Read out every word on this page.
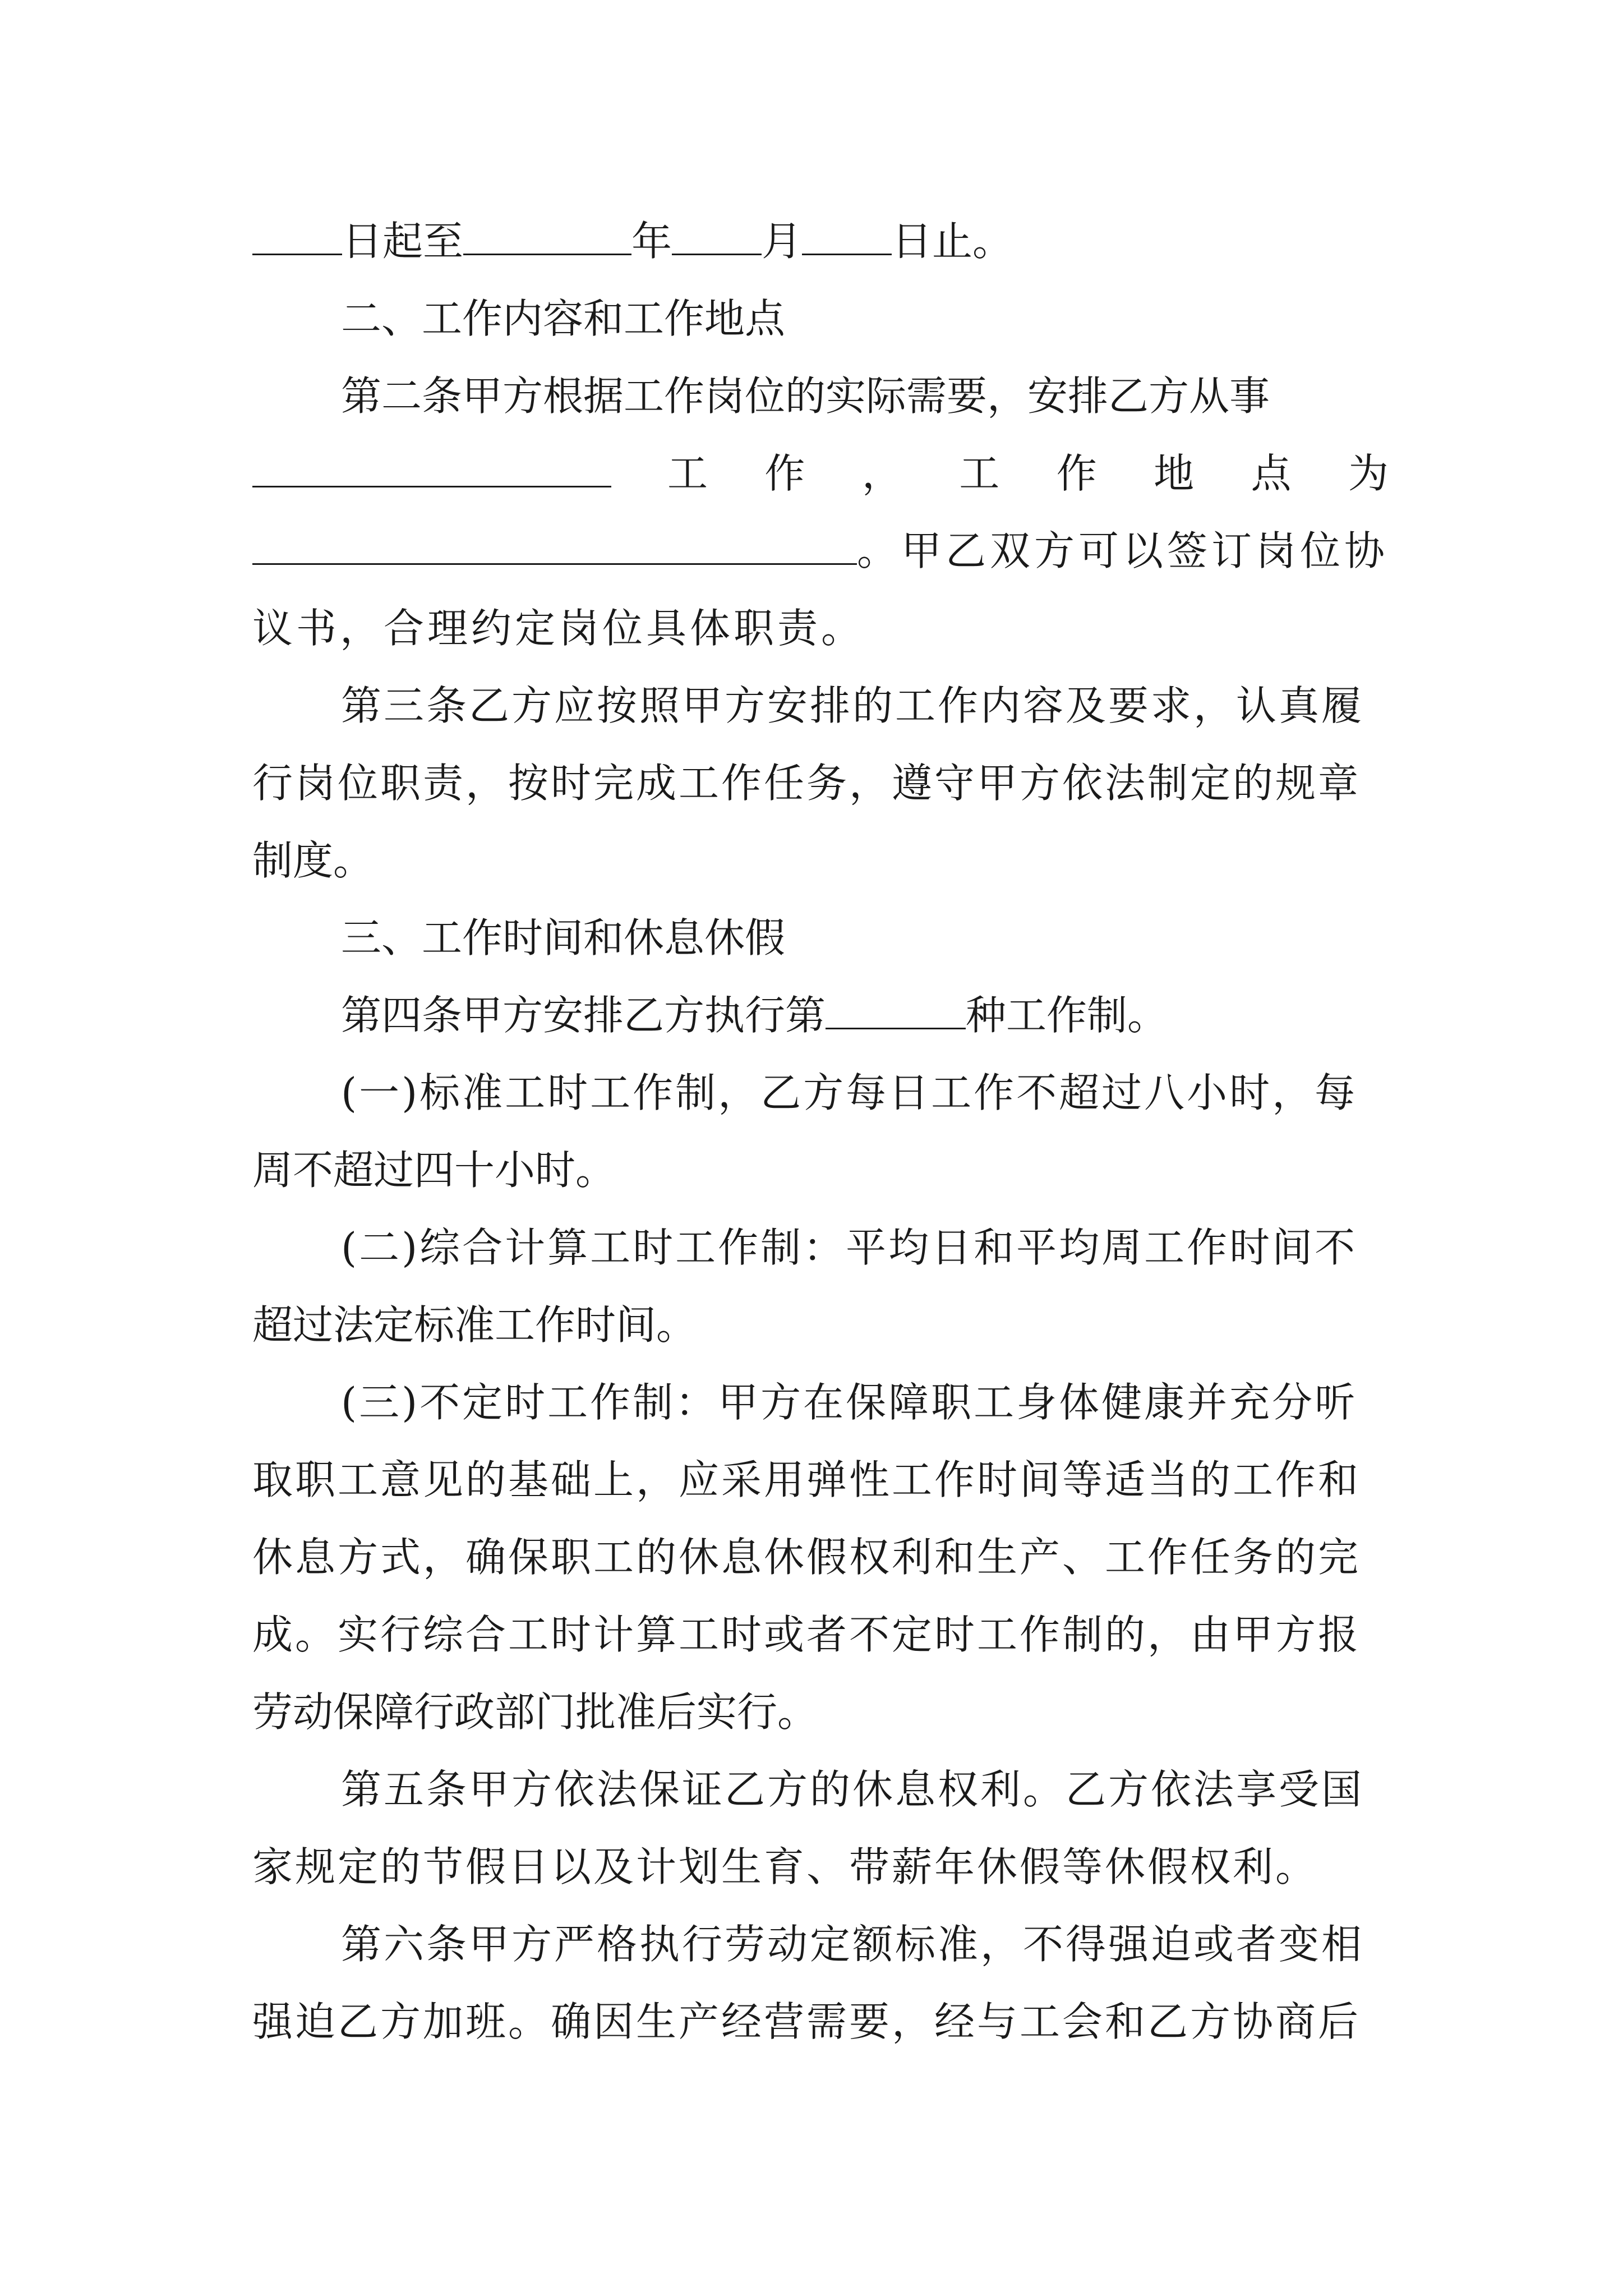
日起至	年 月 日止。
二、工作内容和工作地点
第二条甲方根据工作岗位的实际需要，安排乙方从事
工 作 ， 工 作 地 点 为
。甲乙双方可以签订岗位协
议书，合理约定岗位具体职责。
第三条乙方应按照甲方安排的工作内容及要求，认真履
行岗位职责，按时完成工作任务，遵守甲方依法制定的规章
制度。
三、工作时间和休息休假
第四条甲方安排乙方执行第	种工作制。
(一)标准工时工作制，乙方每日工作不超过八小时，每
周不超过四十小时。
(二)综合计算工时工作制：平均日和平均周工作时间不
超过法定标准工作时间。
(三)不定时工作制：甲方在保障职工身体健康并充分听
取职工意见的基础上，应采用弹性工作时间等适当的工作和
休息方式，确保职工的休息休假权利和生产、工作任务的完
成。实行综合工时计算工时或者不定时工作制的，由甲方报
劳动保障行政部门批准后实行。
第五条甲方依法保证乙方的休息权利。乙方依法享受国
家规定的节假日以及计划生育、带薪年休假等休假权利。
第六条甲方严格执行劳动定额标准，不得强迫或者变相
强迫乙方加班。确因生产经营需要，经与工会和乙方协商后
